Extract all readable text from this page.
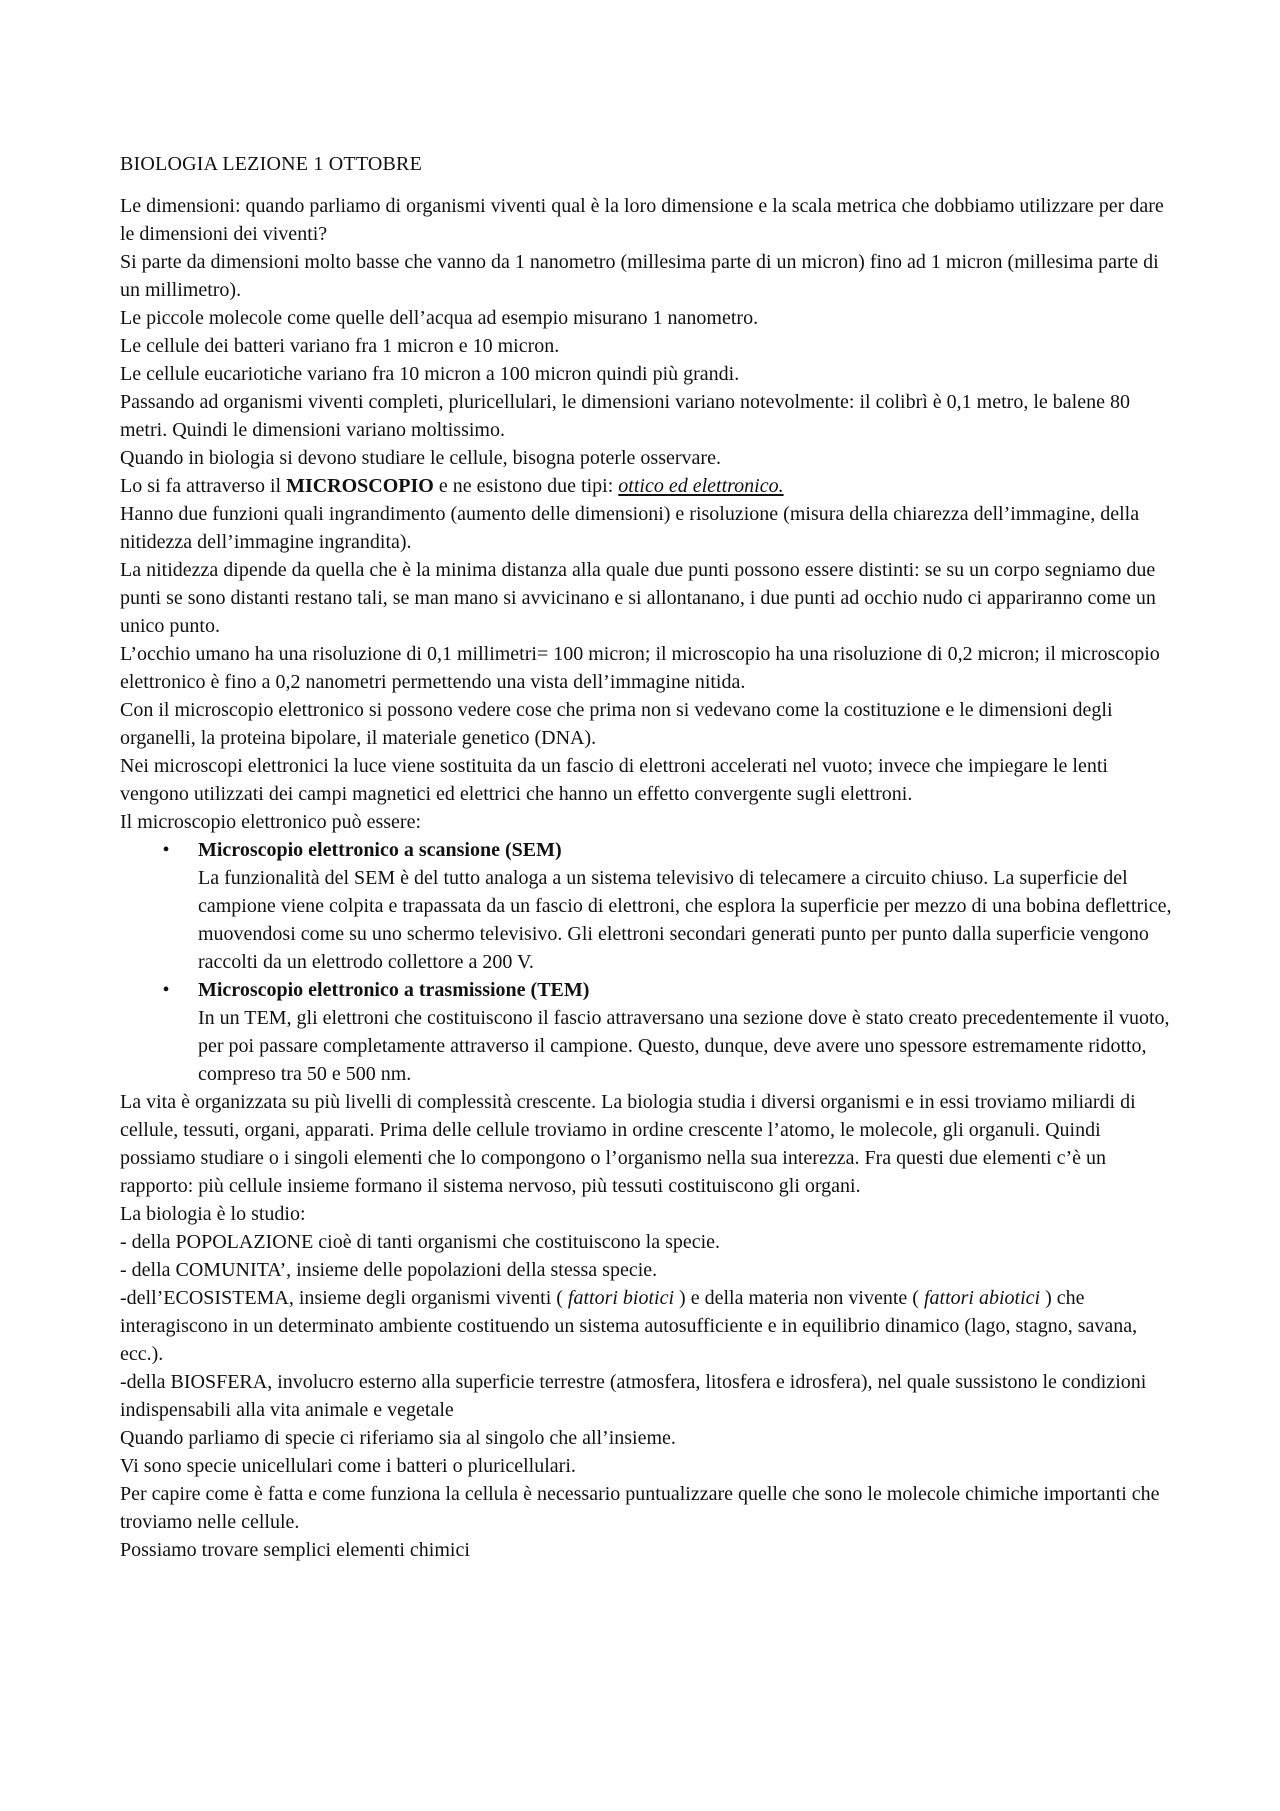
BIOLOGIA LEZIONE 1 OTTOBRE

Le dimensioni: quando parliamo di organismi viventi qual è la loro dimensione e la scala metrica che dobbiamo utilizzare per dare le dimensioni dei viventi?

Si parte da dimensioni molto basse che vanno da 1 nanometro (millesima parte di un micron) fino ad 1 micron (millesima parte di un millimetro).

Le piccole molecole come quelle dell’acqua ad esempio misurano 1 nanometro.

Le cellule dei batteri variano fra 1 micron e 10 micron.

Le cellule eucariotiche variano fra 10 micron a 100 micron quindi più grandi.

Passando ad organismi viventi completi, pluricellulari, le dimensioni variano notevolmente: il colibrì è 0,1 metro, le balene 80 metri. Quindi le dimensioni variano moltissimo.

Quando in biologia si devono studiare le cellule, bisogna poterle osservare.

Lo si fa attraverso il MICROSCOPIO e ne esistono due tipi: ottico ed elettronico.

Hanno due funzioni quali ingrandimento (aumento delle dimensioni) e risoluzione (misura della chiarezza dell’immagine, della nitidezza dell’immagine ingrandita).

La nitidezza dipende da quella che è la minima distanza alla quale due punti possono essere distinti: se su un corpo segniamo due punti se sono distanti restano tali, se man mano si avvicinano e si allontanano, i due punti ad occhio nudo ci appariranno come un unico punto.

L’occhio umano ha una risoluzione di 0,1 millimetri= 100 micron; il microscopio ha una risoluzione di 0,2 micron; il microscopio elettronico è fino a 0,2 nanometri permettendo una vista dell’immagine nitida.

Con il microscopio elettronico si possono vedere cose che prima non si vedevano come la costituzione e le dimensioni degli organelli, la proteina bipolare, il materiale genetico (DNA).

Nei microscopi elettronici la luce viene sostituita da un fascio di elettroni accelerati nel vuoto; invece che impiegare le lenti vengono utilizzati dei campi magnetici ed elettrici che hanno un effetto convergente sugli elettroni.

Il microscopio elettronico può essere:

• Microscopio elettronico a scansione (SEM)
La funzionalità del SEM è del tutto analoga a un sistema televisivo di telecamere a circuito chiuso. La superficie del campione viene colpita e trapassata da un fascio di elettroni, che esplora la superficie per mezzo di una bobina deflettrice, muovendosi come su uno schermo televisivo. Gli elettroni secondari generati punto per punto dalla superficie vengono raccolti da un elettrodo collettore a 200 V.
• Microscopio elettronico a trasmissione (TEM)
In un TEM, gli elettroni che costituiscono il fascio attraversano una sezione dove è stato creato precedentemente il vuoto, per poi passare completamente attraverso il campione. Questo, dunque, deve avere uno spessore estremamente ridotto, compreso tra 50 e 500 nm.

La vita è organizzata su più livelli di complessità crescente. La biologia studia i diversi organismi e in essi troviamo miliardi di cellule, tessuti, organi, apparati. Prima delle cellule troviamo in ordine crescente l’atomo, le molecole, gli organuli. Quindi possiamo studiare o i singoli elementi che lo compongono o l’organismo nella sua interezza. Fra questi due elementi c’è un rapporto: più cellule insieme formano il sistema nervoso, più tessuti costituiscono gli organi.

La biologia è lo studio:

- della POPOLAZIONE cioè di tanti organismi che costituiscono la specie.

- della COMUNITA’, insieme delle popolazioni della stessa specie.

-dell’ECOSISTEMA, insieme degli organismi viventi ( fattori biotici ) e della materia non vivente ( fattori abiotici ) che interagiscono in un determinato ambiente costituendo un sistema autosufficiente e in equilibrio dinamico (lago, stagno, savana, ecc.).

-della BIOSFERA, involucro esterno alla superficie terrestre (atmosfera, litosfera e idrosfera), nel quale sussistono le condizioni indispensabili alla vita animale e vegetale

Quando parliamo di specie ci riferiamo sia al singolo che all’insieme.

Vi sono specie unicellulari come i batteri o pluricellulari.

Per capire come è fatta e come funziona la cellula è necessario puntualizzare quelle che sono le molecole chimiche importanti che troviamo nelle cellule.

Possiamo trovare semplici elementi chimici
